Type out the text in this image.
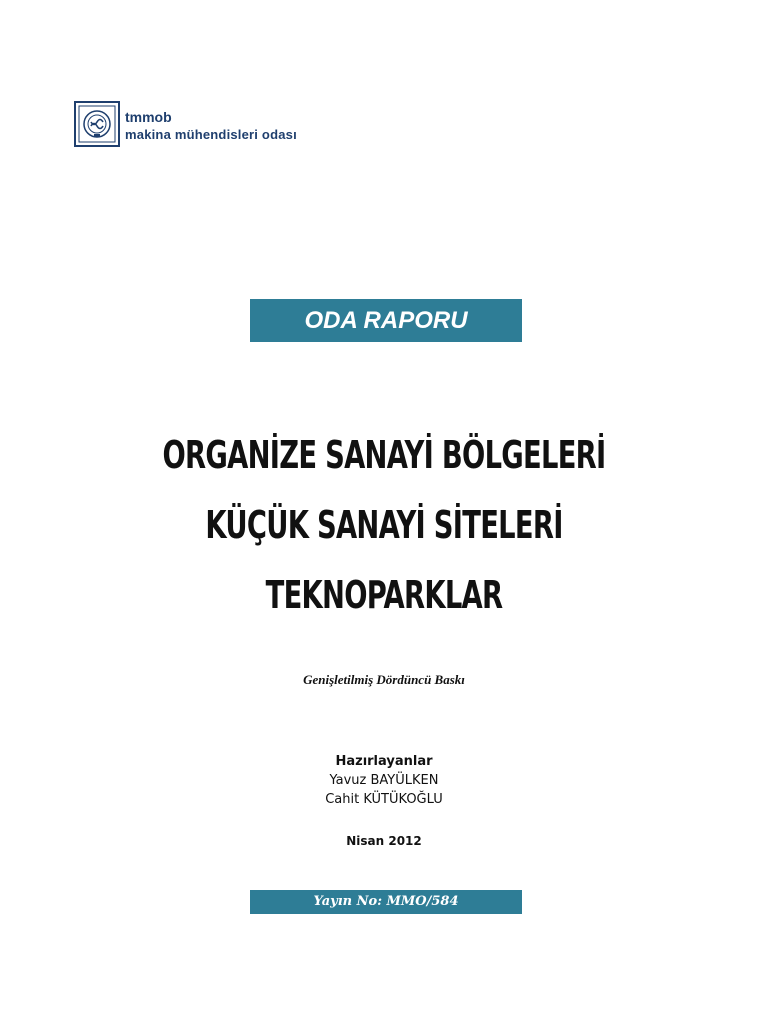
tmmob
makina mühendisleri odası
ODA RAPORU
ORGANİZE SANAYİ BÖLGELERİ
KÜÇÜK SANAYİ SİTELERİ
TEKNOPARKLAR
Genişletilmiş Dördüncü Baskı
Hazırlayanlar
Yavuz BAYÜLKEN
Cahit KÜTÜKOĞLU
Nisan 2012
Yayın No: MMO/584
